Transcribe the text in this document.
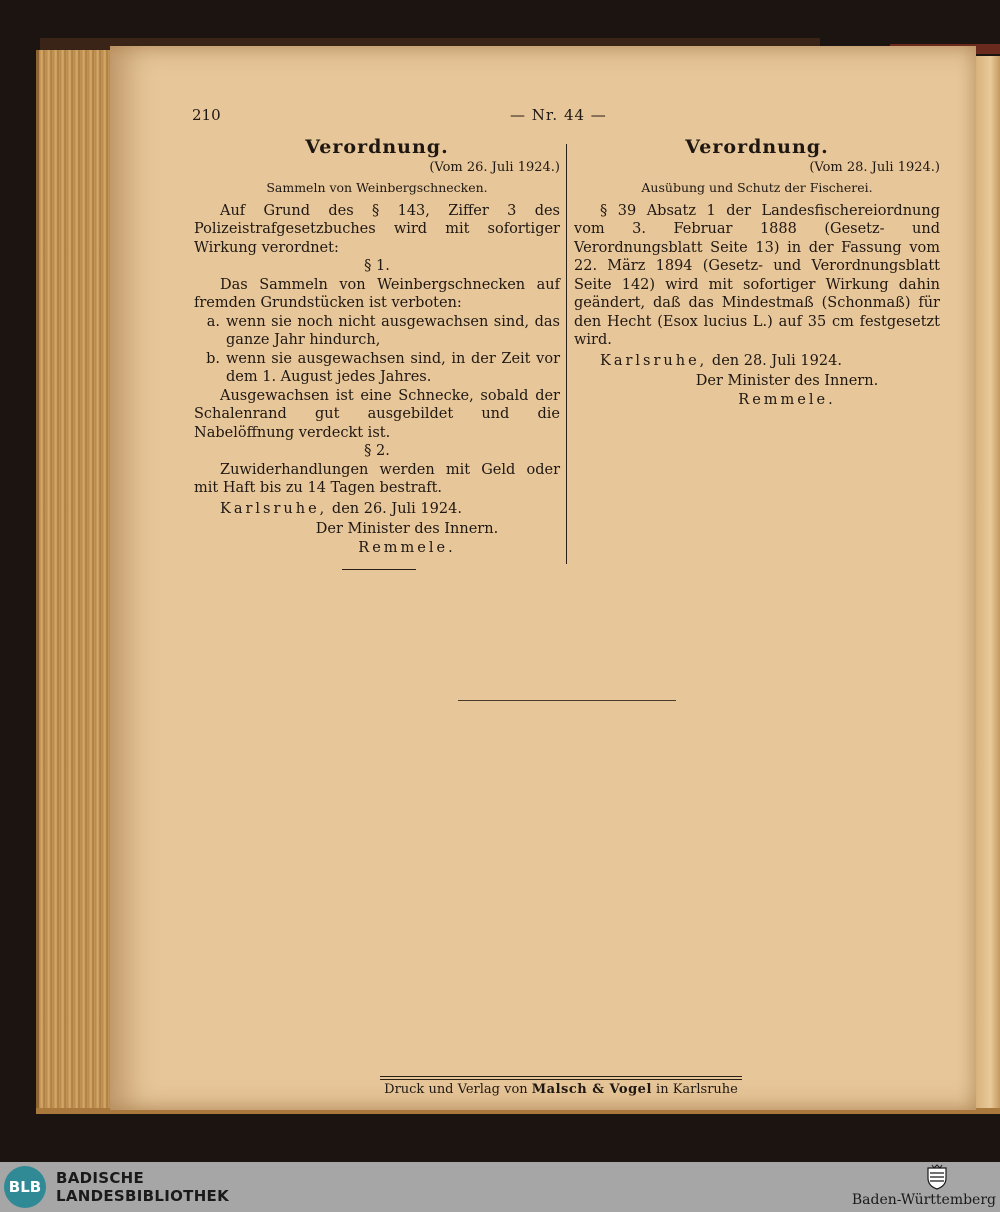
210	— Nr. 44 —

Verordnung.

(Vom 26. Juli 1924.)

Sammeln von Weinbergschnecken.

Auf Grund des § 143, Ziffer 3 des Polizeistrafgesetzbuches wird mit sofortiger Wirkung verordnet:

§ 1.

Das Sammeln von Weinbergschnecken auf fremden Grundstücken ist verboten:

a. wenn sie noch nicht ausgewachsen sind, das ganze Jahr hindurch,
b. wenn sie ausgewachsen sind, in der Zeit vor dem 1. August jedes Jahres.

Ausgewachsen ist eine Schnecke, sobald der Schalenrand gut ausgebildet und die Nabelöffnung verdeckt ist.

§ 2.

Zuwiderhandlungen werden mit Geld oder mit Haft bis zu 14 Tagen bestraft.

Karlsruhe, den 26. Juli 1924.

Der Minister des Innern.

Remmele.

Verordnung.

(Vom 28. Juli 1924.)

Ausübung und Schutz der Fischerei.

§ 39 Absatz 1 der Landesfischereiordnung vom 3. Februar 1888 (Gesetz- und Verordnungsblatt Seite 13) in der Fassung vom 22. März 1894 (Gesetz- und Verordnungsblatt Seite 142) wird mit sofortiger Wirkung dahin geändert, daß das Mindestmaß (Schonmaß) für den Hecht (Esox lucius L.) auf 35 cm festgesetzt wird.

Karlsruhe, den 28. Juli 1924.

Der Minister des Innern.

Remmele.

Druck und Verlag von Malsch & Vogel in Karlsruhe
BLB BADISCHE
LANDESBIBLIOTHEK	Baden-Württemberg
